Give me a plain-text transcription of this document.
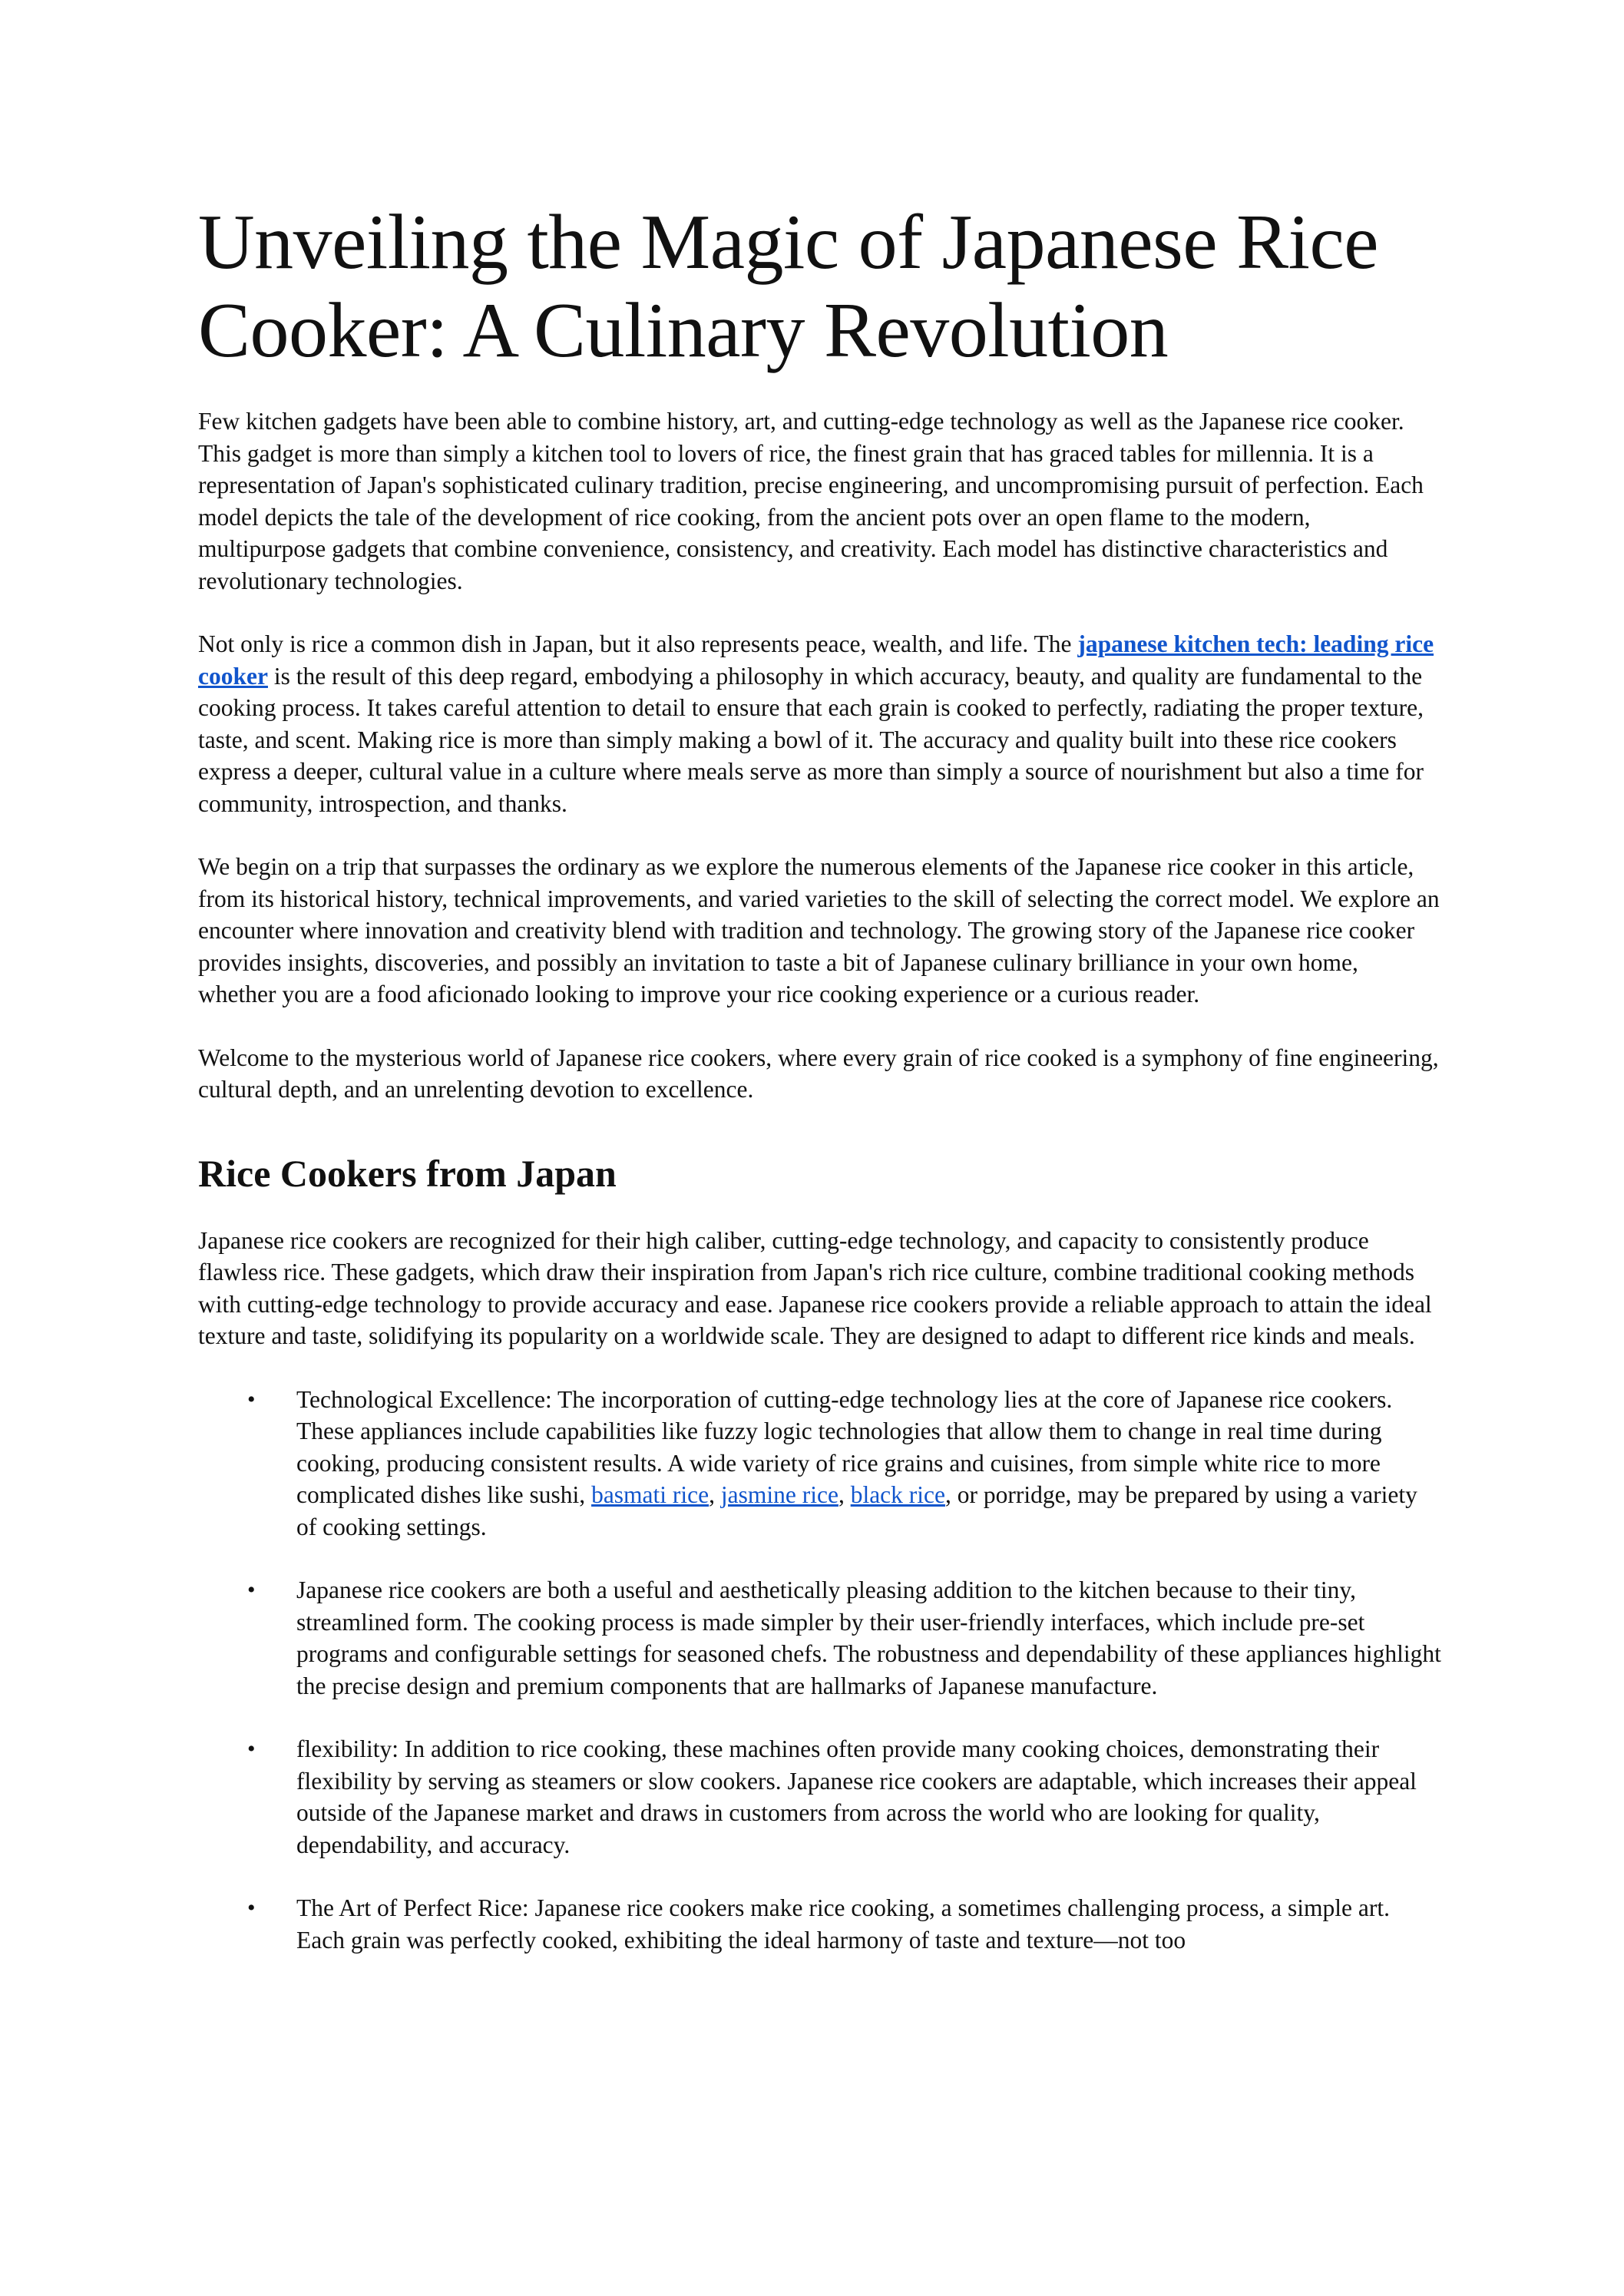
Unveiling the Magic of Japanese Rice Cooker: A Culinary Revolution

Few kitchen gadgets have been able to combine history, art, and cutting-edge technology as well as the Japanese rice cooker. This gadget is more than simply a kitchen tool to lovers of rice, the finest grain that has graced tables for millennia. It is a representation of Japan's sophisticated culinary tradition, precise engineering, and uncompromising pursuit of perfection. Each model depicts the tale of the development of rice cooking, from the ancient pots over an open flame to the modern, multipurpose gadgets that combine convenience, consistency, and creativity. Each model has distinctive characteristics and revolutionary technologies.

Not only is rice a common dish in Japan, but it also represents peace, wealth, and life. The japanese kitchen tech: leading rice cooker is the result of this deep regard, embodying a philosophy in which accuracy, beauty, and quality are fundamental to the cooking process. It takes careful attention to detail to ensure that each grain is cooked to perfectly, radiating the proper texture, taste, and scent. Making rice is more than simply making a bowl of it. The accuracy and quality built into these rice cookers express a deeper, cultural value in a culture where meals serve as more than simply a source of nourishment but also a time for community, introspection, and thanks.

We begin on a trip that surpasses the ordinary as we explore the numerous elements of the Japanese rice cooker in this article, from its historical history, technical improvements, and varied varieties to the skill of selecting the correct model. We explore an encounter where innovation and creativity blend with tradition and technology. The growing story of the Japanese rice cooker provides insights, discoveries, and possibly an invitation to taste a bit of Japanese culinary brilliance in your own home, whether you are a food aficionado looking to improve your rice cooking experience or a curious reader.

Welcome to the mysterious world of Japanese rice cookers, where every grain of rice cooked is a symphony of fine engineering, cultural depth, and an unrelenting devotion to excellence.

Rice Cookers from Japan

Japanese rice cookers are recognized for their high caliber, cutting-edge technology, and capacity to consistently produce flawless rice. These gadgets, which draw their inspiration from Japan's rich rice culture, combine traditional cooking methods with cutting-edge technology to provide accuracy and ease. Japanese rice cookers provide a reliable approach to attain the ideal texture and taste, solidifying its popularity on a worldwide scale. They are designed to adapt to different rice kinds and meals.

• Technological Excellence: The incorporation of cutting-edge technology lies at the core of Japanese rice cookers. These appliances include capabilities like fuzzy logic technologies that allow them to change in real time during cooking, producing consistent results. A wide variety of rice grains and cuisines, from simple white rice to more complicated dishes like sushi, basmati rice, jasmine rice, black rice, or porridge, may be prepared by using a variety of cooking settings.
• Japanese rice cookers are both a useful and aesthetically pleasing addition to the kitchen because to their tiny, streamlined form. The cooking process is made simpler by their user-friendly interfaces, which include pre-set programs and configurable settings for seasoned chefs. The robustness and dependability of these appliances highlight the precise design and premium components that are hallmarks of Japanese manufacture.
• flexibility: In addition to rice cooking, these machines often provide many cooking choices, demonstrating their flexibility by serving as steamers or slow cookers. Japanese rice cookers are adaptable, which increases their appeal outside of the Japanese market and draws in customers from across the world who are looking for quality, dependability, and accuracy.
• The Art of Perfect Rice: Japanese rice cookers make rice cooking, a sometimes challenging process, a simple art. Each grain was perfectly cooked, exhibiting the ideal harmony of taste and texture—not too
